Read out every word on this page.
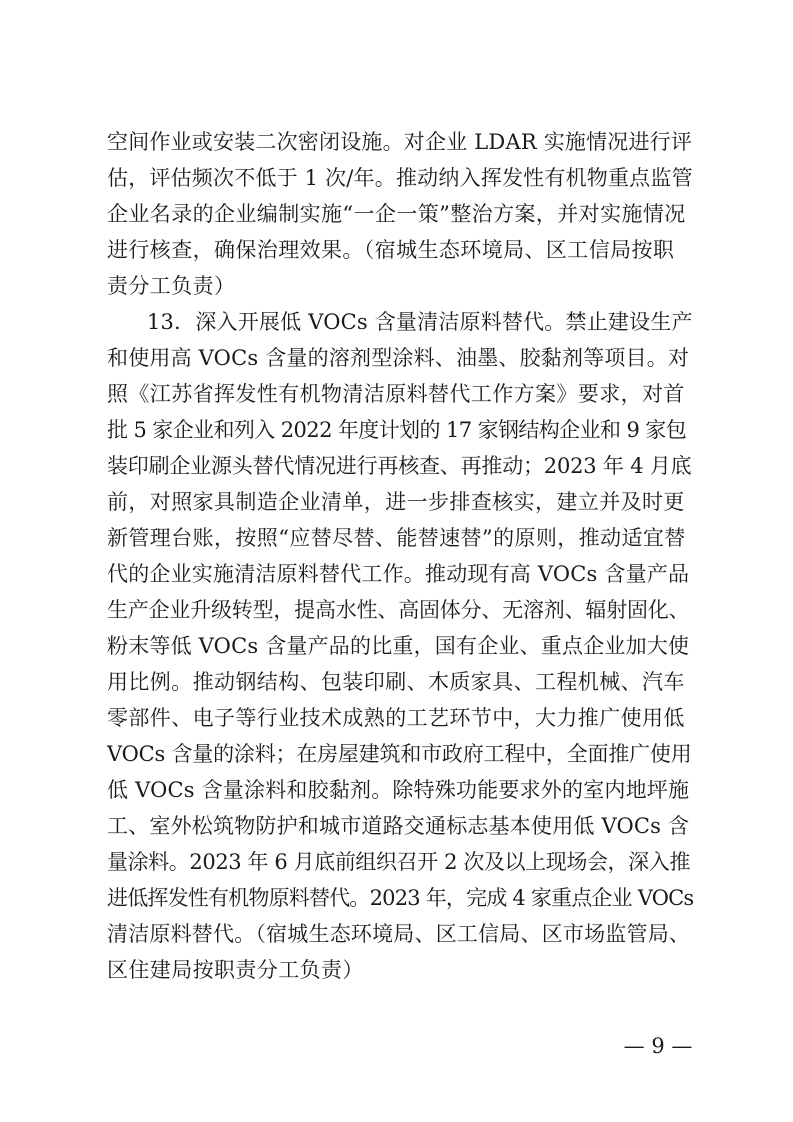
空间作业或安装二次密闭设施。对企业 LDAR 实施情况进行评
估，评估频次不低于 1 次/年。推动纳入挥发性有机物重点监管
企业名录的企业编制实施“一企一策”整治方案，并对实施情况
进行核查，确保治理效果。（宿城生态环境局、区工信局按职
责分工负责）
13．深入开展低 VOCs 含量清洁原料替代。禁止建设生产
和使用高 VOCs 含量的溶剂型涂料、油墨、胶黏剂等项目。对
照《江苏省挥发性有机物清洁原料替代工作方案》要求，对首
批 5 家企业和列入 2022 年度计划的 17 家钢结构企业和 9 家包
装印刷企业源头替代情况进行再核查、再推动；2023 年 4 月底
前，对照家具制造企业清单，进一步排查核实，建立并及时更
新管理台账，按照“应替尽替、能替速替”的原则，推动适宜替
代的企业实施清洁原料替代工作。推动现有高 VOCs 含量产品
生产企业升级转型，提高水性、高固体分、无溶剂、辐射固化、
粉末等低 VOCs 含量产品的比重，国有企业、重点企业加大使
用比例。推动钢结构、包装印刷、木质家具、工程机械、汽车
零部件、电子等行业技术成熟的工艺环节中，大力推广使用低
VOCs 含量的涂料；在房屋建筑和市政府工程中，全面推广使用
低 VOCs 含量涂料和胶黏剂。除特殊功能要求外的室内地坪施
工、室外松筑物防护和城市道路交通标志基本使用低 VOCs 含
量涂料。2023 年 6 月底前组织召开 2 次及以上现场会，深入推
进低挥发性有机物原料替代。2023 年，完成 4 家重点企业 VOCs
清洁原料替代。（宿城生态环境局、区工信局、区市场监管局、
区住建局按职责分工负责）
— 9 —
